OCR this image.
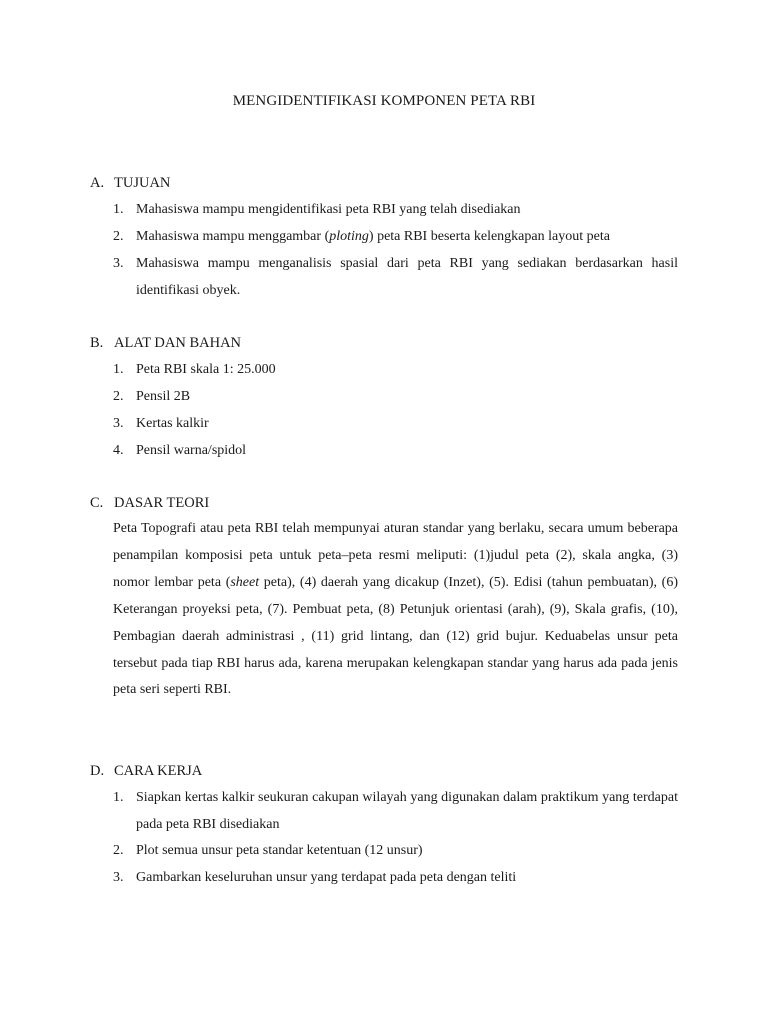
MENGIDENTIFIKASI KOMPONEN PETA RBI
A. TUJUAN
1. Mahasiswa mampu mengidentifikasi peta RBI yang telah disediakan
2. Mahasiswa mampu menggambar (ploting) peta RBI beserta kelengkapan layout peta
3. Mahasiswa mampu menganalisis spasial dari peta RBI yang sediakan berdasarkan hasil identifikasi obyek.
B. ALAT DAN BAHAN
1. Peta RBI skala 1: 25.000
2. Pensil 2B
3. Kertas kalkir
4. Pensil warna/spidol
C. DASAR TEORI
Peta Topografi atau peta RBI telah mempunyai aturan standar yang berlaku, secara umum beberapa penampilan komposisi peta untuk peta–peta resmi meliputi: (1)judul peta (2), skala angka, (3) nomor lembar peta (sheet peta), (4) daerah yang dicakup (Inzet), (5). Edisi (tahun pembuatan), (6) Keterangan proyeksi peta, (7). Pembuat peta, (8) Petunjuk orientasi (arah), (9), Skala grafis, (10), Pembagian daerah administrasi , (11) grid lintang, dan (12) grid bujur. Keduabelas unsur peta tersebut pada tiap RBI harus ada, karena merupakan kelengkapan standar yang harus ada pada jenis peta seri seperti RBI.
D. CARA KERJA
1. Siapkan kertas kalkir seukuran cakupan wilayah yang digunakan dalam praktikum yang terdapat pada peta RBI disediakan
2. Plot semua unsur peta standar ketentuan (12 unsur)
3. Gambarkan keseluruhan unsur yang terdapat pada peta dengan teliti
